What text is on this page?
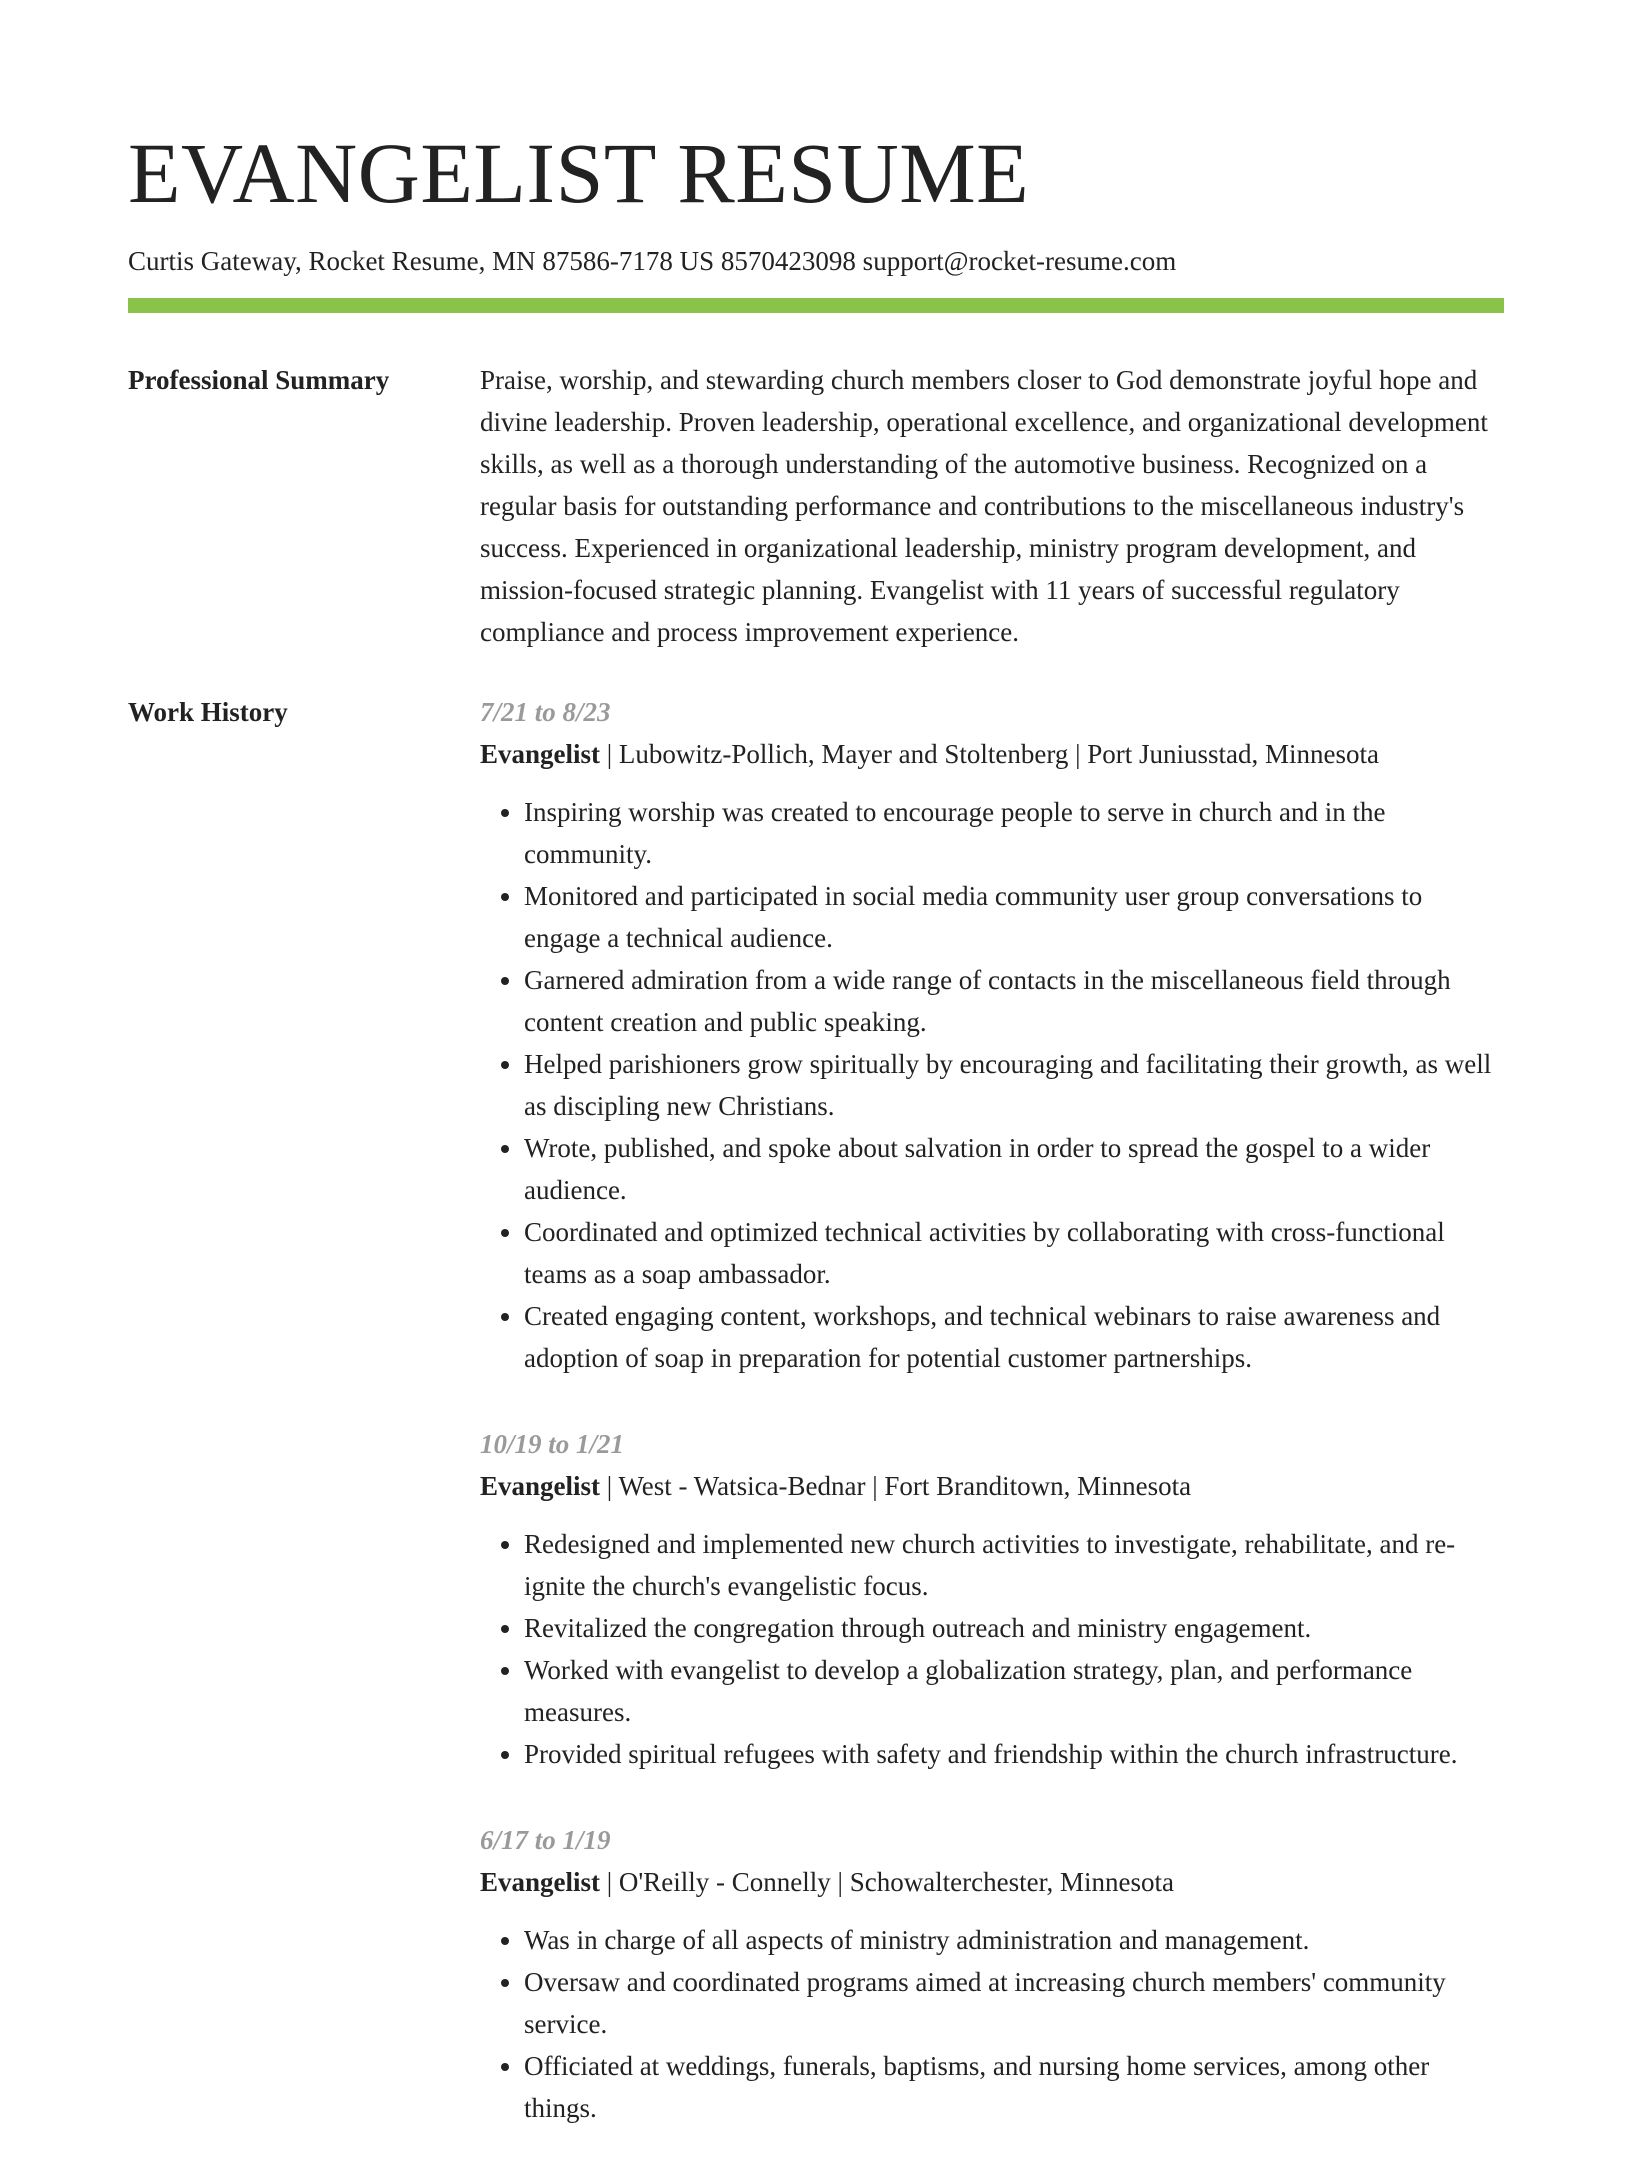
EVANGELIST RESUME
Curtis Gateway, Rocket Resume, MN 87586-7178 US 8570423098 support@rocket-resume.com
Professional Summary	Praise, worship, and stewarding church members closer to God demonstrate joyful hope and divine leadership. Proven leadership, operational excellence, and organizational development skills, as well as a thorough understanding of the automotive business. Recognized on a regular basis for outstanding performance and contributions to the miscellaneous industry's success. Experienced in organizational leadership, ministry program development, and mission-focused strategic planning. Evangelist with 11 years of successful regulatory compliance and process improvement experience.

Work History	7/21 to 8/23
Evangelist | Lubowitz-Pollich, Mayer and Stoltenberg | Port Juniusstad, Minnesota
• Inspiring worship was created to encourage people to serve in church and in the community.
• Monitored and participated in social media community user group conversations to engage a technical audience.
• Garnered admiration from a wide range of contacts in the miscellaneous field through content creation and public speaking.
• Helped parishioners grow spiritually by encouraging and facilitating their growth, as well as discipling new Christians.
• Wrote, published, and spoke about salvation in order to spread the gospel to a wider audience.
• Coordinated and optimized technical activities by collaborating with cross-functional teams as a soap ambassador.
• Created engaging content, workshops, and technical webinars to raise awareness and adoption of soap in preparation for potential customer partnerships.
10/19 to 1/21
Evangelist | West - Watsica-Bednar | Fort Branditown, Minnesota
• Redesigned and implemented new church activities to investigate, rehabilitate, and re-ignite the church's evangelistic focus.
• Revitalized the congregation through outreach and ministry engagement.
• Worked with evangelist to develop a globalization strategy, plan, and performance measures.
• Provided spiritual refugees with safety and friendship within the church infrastructure.
6/17 to 1/19
Evangelist | O'Reilly - Connelly | Schowalterchester, Minnesota
• Was in charge of all aspects of ministry administration and management.
• Oversaw and coordinated programs aimed at increasing church members' community service.
• Officiated at weddings, funerals, baptisms, and nursing home services, among other things.
